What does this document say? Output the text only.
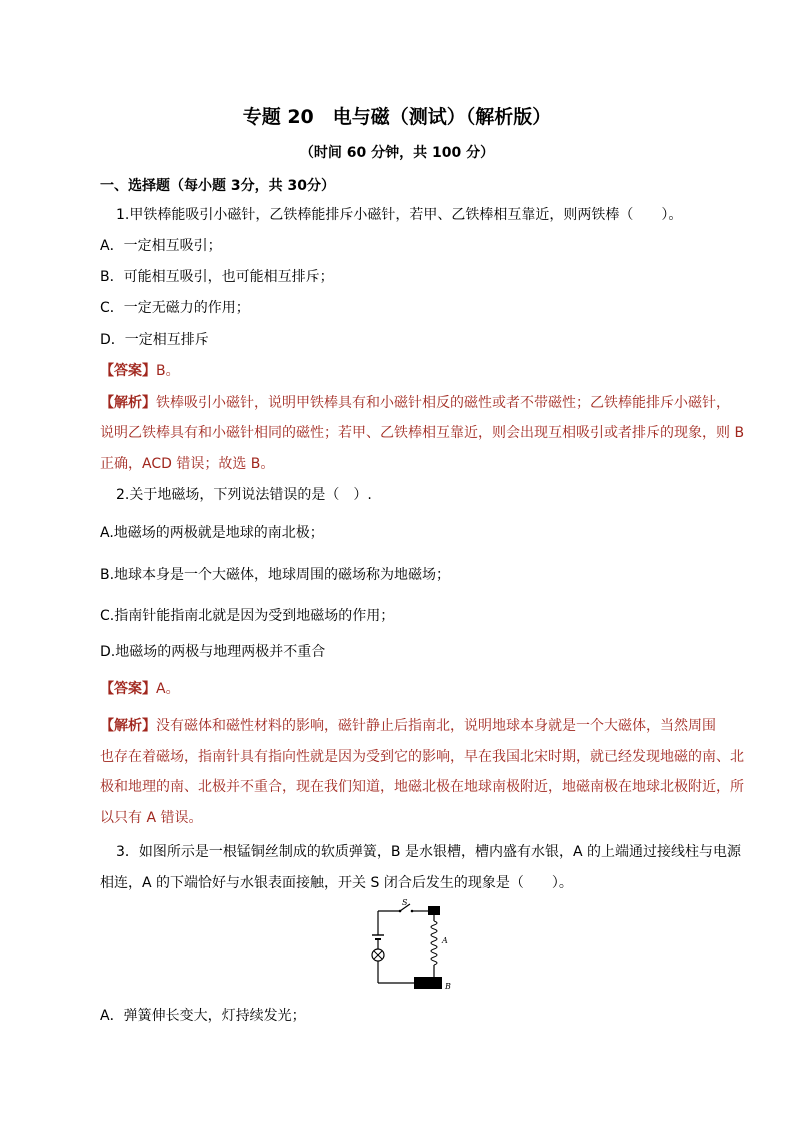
专题 20　电与磁（测试）（解析版）
（时间 60 分钟，共 100 分）
一、选择题（每小题 3分，共 30分）
1.甲铁棒能吸引小磁针，乙铁棒能排斥小磁针，若甲、乙铁棒相互靠近，则两铁棒（　　）。
A．一定相互吸引；
B．可能相互吸引，也可能相互排斥；
C．一定无磁力的作用；
D．一定相互排斥
【答案】B。
【解析】铁棒吸引小磁针，说明甲铁棒具有和小磁针相反的磁性或者不带磁性；乙铁棒能排斥小磁针，
说明乙铁棒具有和小磁针相同的磁性；若甲、乙铁棒相互靠近，则会出现互相吸引或者排斥的现象，则 B
正确，ACD 错误；故选 B。
2.关于地磁场，下列说法错误的是（　）.
A.地磁场的两极就是地球的南北极；
B.地球本身是一个大磁体，地球周围的磁场称为地磁场；
C.指南针能指南北就是因为受到地磁场的作用；
D.地磁场的两极与地理两极并不重合
【答案】A。
【解析】没有磁体和磁性材料的影响，磁针静止后指南北，说明地球本身就是一个大磁体，当然周围
也存在着磁场，指南针具有指向性就是因为受到它的影响，早在我国北宋时期，就已经发现地磁的南、北
极和地理的南、北极并不重合，现在我们知道，地磁北极在地球南极附近，地磁南极在地球北极附近，所
以只有 A 错误。
3．如图所示是一根锰铜丝制成的软质弹簧，B 是水银槽，槽内盛有水银，A 的上端通过接线柱与电源
相连，A 的下端恰好与水银表面接触，开关 S 闭合后发生的现象是（　　）。
S
A
B
A．弹簧伸长变大，灯持续发光；
